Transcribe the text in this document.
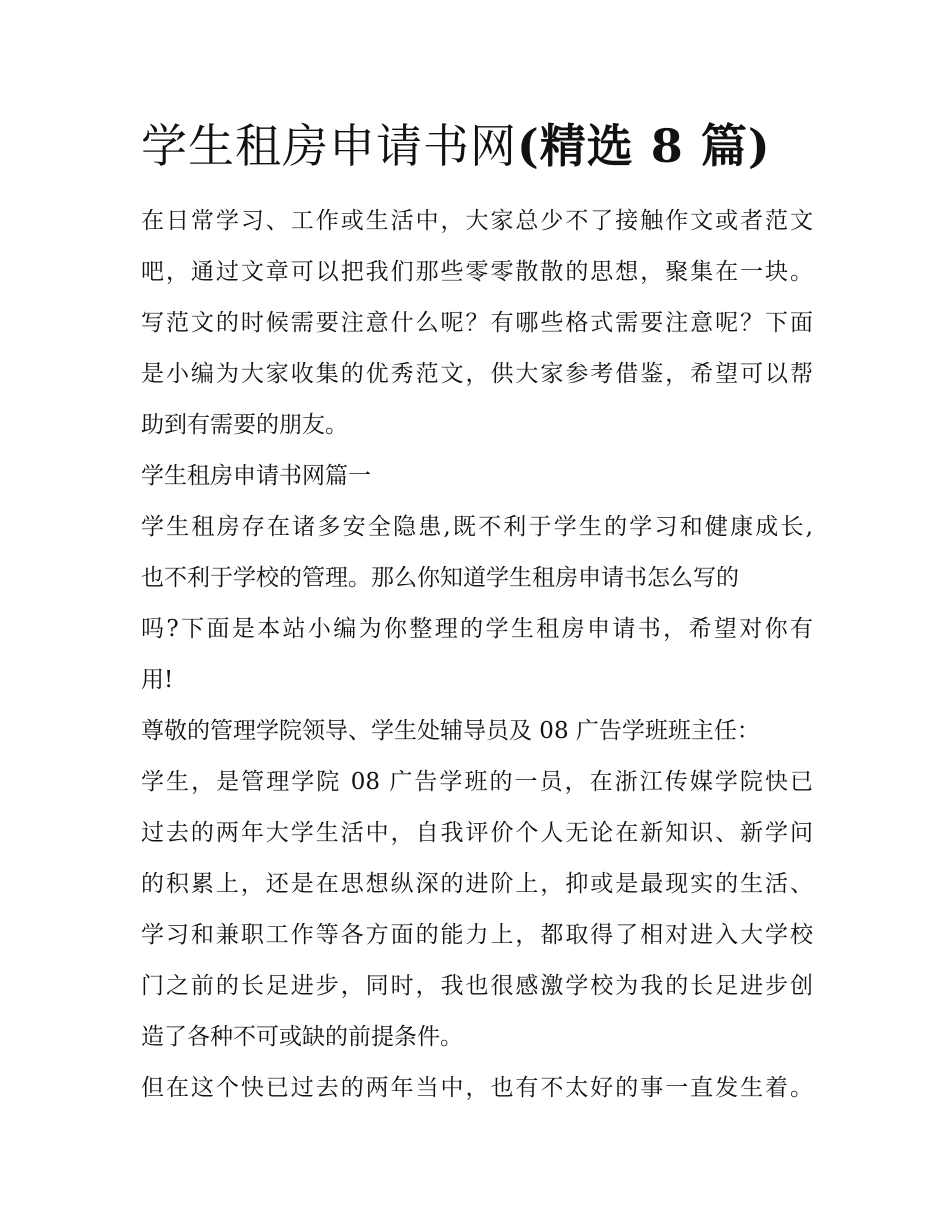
学生租房申请书网(精选 8 篇)
在日常学习、工作或生活中，大家总少不了接触作文或者范文
吧，通过文章可以把我们那些零零散散的思想，聚集在一块。
写范文的时候需要注意什么呢？有哪些格式需要注意呢？下面
是小编为大家收集的优秀范文，供大家参考借鉴，希望可以帮
助到有需要的朋友。
学生租房申请书网篇一
学生租房存在诸多安全隐患,既不利于学生的学习和健康成长,
也不利于学校的管理。那么你知道学生租房申请书怎么写的
吗?下面是本站小编为你整理的学生租房申请书，希望对你有
用!
尊敬的管理学院领导、学生处辅导员及 08 广告学班班主任：
学生，是管理学院 08 广告学班的一员，在浙江传媒学院快已
过去的两年大学生活中，自我评价个人无论在新知识、新学问
的积累上，还是在思想纵深的进阶上，抑或是最现实的生活、
学习和兼职工作等各方面的能力上，都取得了相对进入大学校
门之前的长足进步，同时，我也很感激学校为我的长足进步创
造了各种不可或缺的前提条件。
但在这个快已过去的两年当中，也有不太好的事一直发生着。
